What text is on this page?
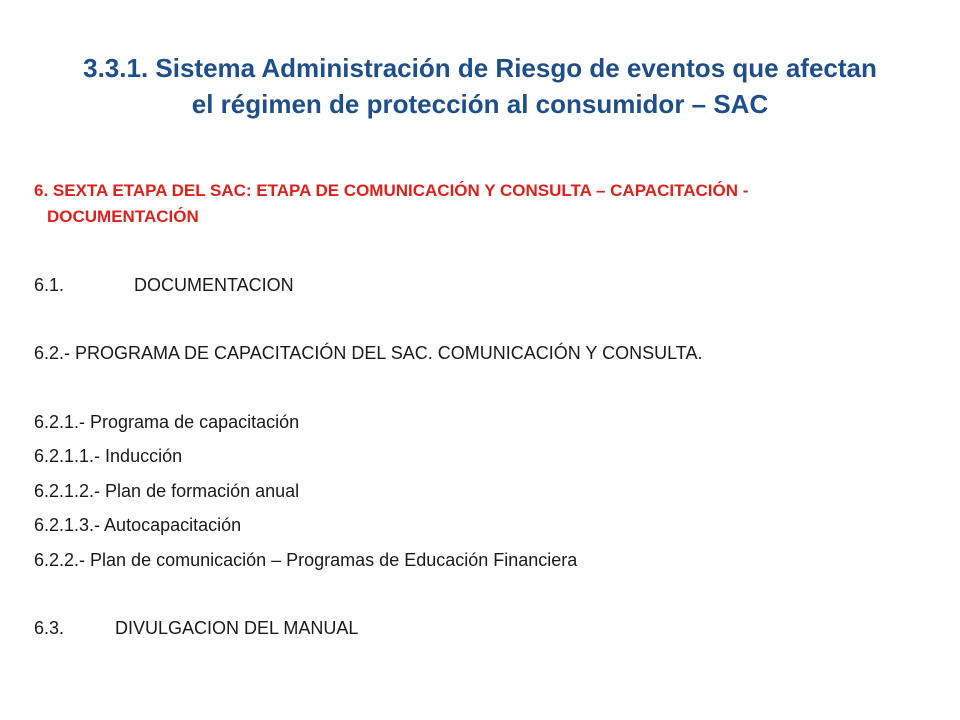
3.3.1. Sistema Administración de Riesgo de eventos que afectan
el régimen de protección al consumidor – SAC

6. SEXTA ETAPA DEL SAC: ETAPA DE COMUNICACIÓN Y CONSULTA – CAPACITACIÓN -
DOCUMENTACIÓN

6.1.	DOCUMENTACION
6.2.- PROGRAMA DE CAPACITACIÓN DEL SAC. COMUNICACIÓN Y CONSULTA.
6.2.1.- Programa de capacitación
6.2.1.1.- Inducción
6.2.1.2.- Plan de formación anual
6.2.1.3.- Autocapacitación
6.2.2.- Plan de comunicación – Programas de Educación Financiera
6.3.	DIVULGACION DEL MANUAL
